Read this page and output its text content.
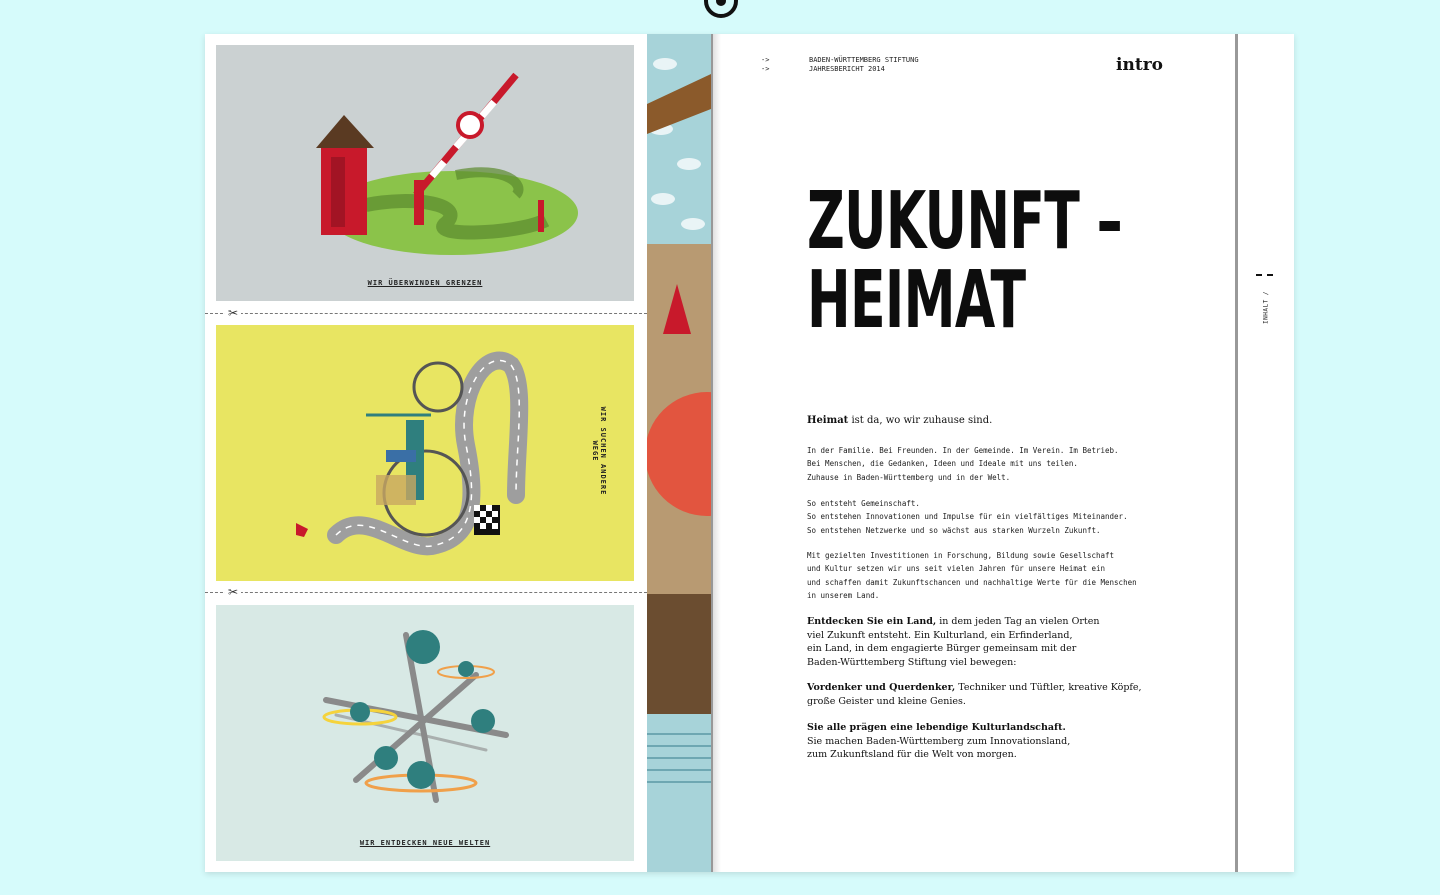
WIR ÜBERWINDEN GRENZEN
✂
WIR SUCHEN ANDERE WEGE
✂
WIR ENTDECKEN NEUE WELTEN
->	BADEN-WÜRTTEMBERG STIFTUNG
->	JAHRESBERICHT 2014	intro
ZUKUNFT –
HEIMAT

Heimat ist da, wo wir zuhause sind.

In der Familie. Bei Freunden. In der Gemeinde. Im Verein. Im Betrieb.
Bei Menschen, die Gedanken, Ideen und Ideale mit uns teilen.
Zuhause in Baden-Württemberg und in der Welt.

So entsteht Gemeinschaft.
So entstehen Innovationen und Impulse für ein vielfältiges Miteinander.
So entstehen Netzwerke und so wächst aus starken Wurzeln Zukunft.

Mit gezielten Investitionen in Forschung, Bildung sowie Gesellschaft
und Kultur setzen wir uns seit vielen Jahren für unsere Heimat ein
und schaffen damit Zukunftschancen und nachhaltige Werte für die Menschen
in unserem Land.

Entdecken Sie ein Land, in dem jeden Tag an vielen Orten
viel Zukunft entsteht. Ein Kulturland, ein Erfinderland,
ein Land, in dem engagierte Bürger gemeinsam mit der
Baden-Württemberg Stiftung viel bewegen:

Vordenker und Querdenker, Techniker und Tüftler, kreative Köpfe,
große Geister und kleine Genies.

Sie alle prägen eine lebendige Kulturlandschaft.
Sie machen Baden-Württemberg zum Innovationsland,
zum Zukunftsland für die Welt von morgen.

INHALT /
